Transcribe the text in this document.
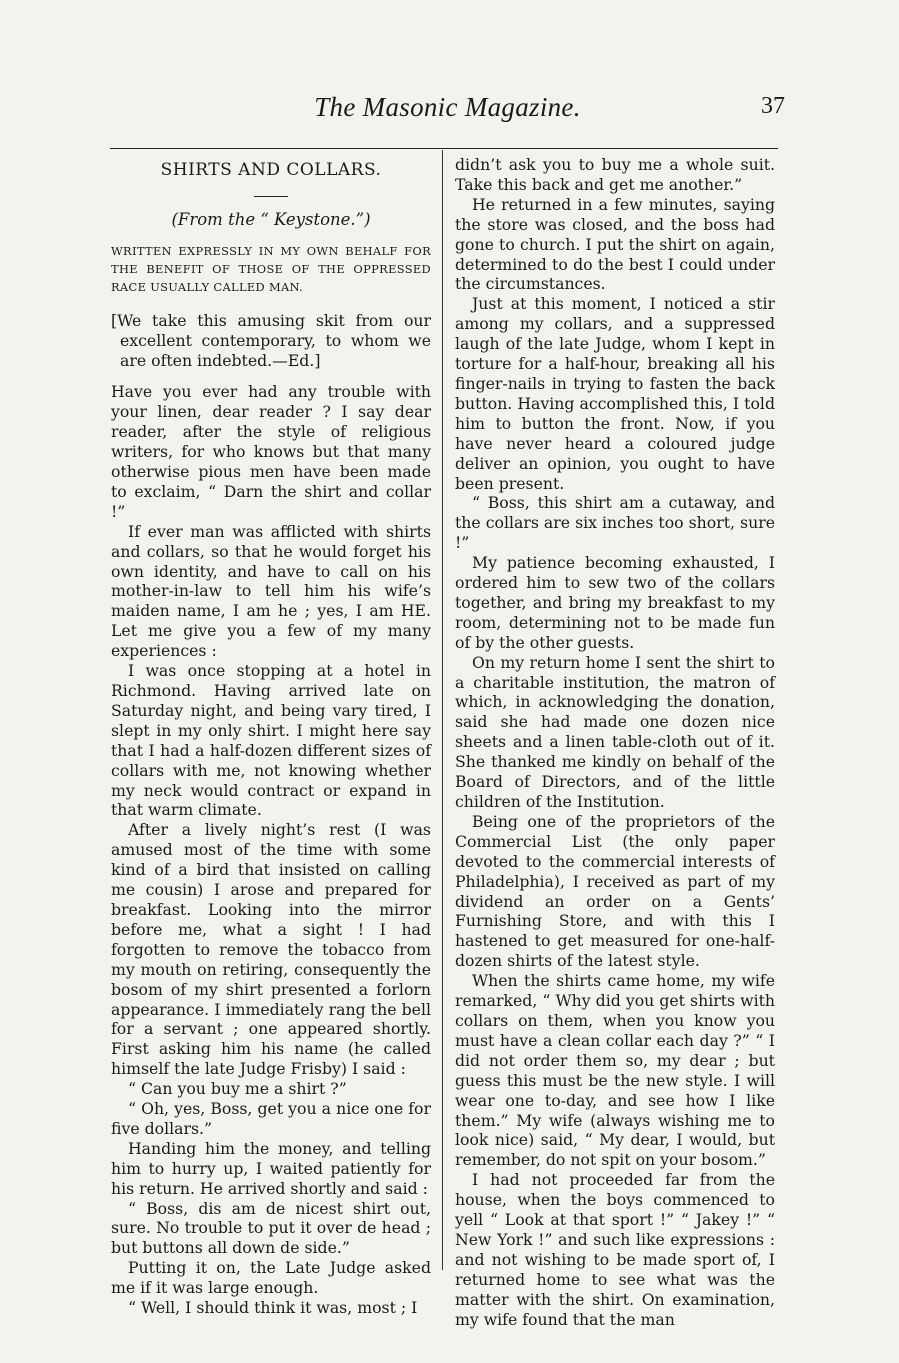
The Masonic Magazine.	37

SHIRTS AND COLLARS.

(From the “ Keystone.”)

WRITTEN EXPRESSLY IN MY OWN BEHALF FOR THE BENEFIT OF THOSE OF THE OPPRESSED RACE USUALLY CALLED MAN.

[We take this amusing skit from our excellent contemporary, to whom we are often indebted.—Ed.]

Have you ever had any trouble with your linen, dear reader ? I say dear reader, after the style of religious writers, for who knows but that many otherwise pious men have been made to exclaim, “ Darn the shirt and collar !”

If ever man was afflicted with shirts and collars, so that he would forget his own identity, and have to call on his mother-in-law to tell him his wife’s maiden name, I am he ; yes, I am HE. Let me give you a few of my many experiences :

I was once stopping at a hotel in Richmond. Having arrived late on Saturday night, and being vary tired, I slept in my only shirt. I might here say that I had a half-dozen different sizes of collars with me, not knowing whether my neck would contract or expand in that warm climate.

After a lively night’s rest (I was amused most of the time with some kind of a bird that insisted on calling me cousin) I arose and prepared for breakfast. Looking into the mirror before me, what a sight ! I had forgotten to remove the tobacco from my mouth on retiring, consequently the bosom of my shirt presented a forlorn appearance. I immediately rang the bell for a servant ; one appeared shortly. First asking him his name (he called himself the late Judge Frisby) I said :

“ Can you buy me a shirt ?”

“ Oh, yes, Boss, get you a nice one for five dollars.”

Handing him the money, and telling him to hurry up, I waited patiently for his return. He arrived shortly and said :

“ Boss, dis am de nicest shirt out, sure. No trouble to put it over de head ; but buttons all down de side.”

Putting it on, the Late Judge asked me if it was large enough.

“ Well, I should think it was, most ; I

didn’t ask you to buy me a whole suit. Take this back and get me another.”

He returned in a few minutes, saying the store was closed, and the boss had gone to church. I put the shirt on again, determined to do the best I could under the circumstances.

Just at this moment, I noticed a stir among my collars, and a suppressed laugh of the late Judge, whom I kept in torture for a half-hour, breaking all his finger-nails in trying to fasten the back button. Having accomplished this, I told him to button the front. Now, if you have never heard a coloured judge deliver an opinion, you ought to have been present.

“ Boss, this shirt am a cutaway, and the collars are six inches too short, sure !”

My patience becoming exhausted, I ordered him to sew two of the collars together, and bring my breakfast to my room, determining not to be made fun of by the other guests.

On my return home I sent the shirt to a charitable institution, the matron of which, in acknowledging the donation, said she had made one dozen nice sheets and a linen table-cloth out of it. She thanked me kindly on behalf of the Board of Directors, and of the little children of the Institution.

Being one of the proprietors of the Commercial List (the only paper devoted to the commercial interests of Philadelphia), I received as part of my dividend an order on a Gents’ Furnishing Store, and with this I hastened to get measured for one-half-dozen shirts of the latest style.

When the shirts came home, my wife remarked, “ Why did you get shirts with collars on them, when you know you must have a clean collar each day ?” “ I did not order them so, my dear ; but guess this must be the new style. I will wear one to-day, and see how I like them.” My wife (always wishing me to look nice) said, “ My dear, I would, but remember, do not spit on your bosom.”

I had not proceeded far from the house, when the boys commenced to yell “ Look at that sport !” “ Jakey !” “ New York !” and such like expressions : and not wishing to be made sport of, I returned home to see what was the matter with the shirt. On examination, my wife found that the man
